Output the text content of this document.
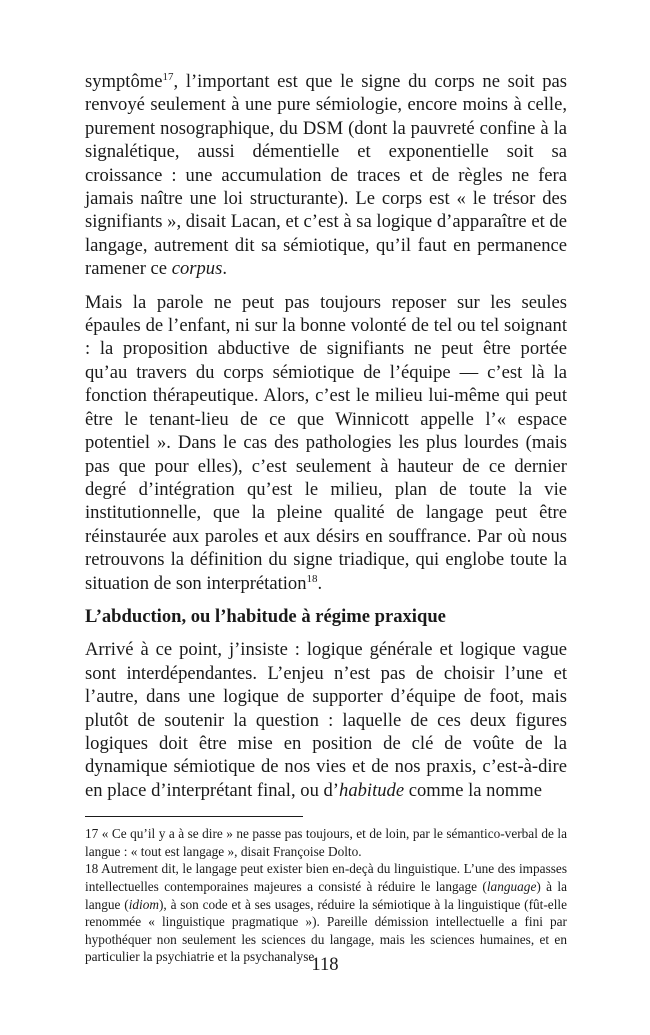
symptôme$^{17}$, l’important est que le signe du corps ne soit pas renvoyé seulement à une pure sémiologie, encore moins à celle, purement nosographique, du DSM (dont la pauvreté confine à la signalétique, aussi démentielle et exponentielle soit sa croissance : une accumulation de traces et de règles ne fera jamais naître une loi structurante). Le corps est « le trésor des signifiants », disait Lacan, et c’est à sa logique d’apparaître et de langage, autrement dit sa sémiotique, qu’il faut en permanence ramener ce corpus.

Mais la parole ne peut pas toujours reposer sur les seules épaules de l’enfant, ni sur la bonne volonté de tel ou tel soignant : la proposition abductive de signifiants ne peut être portée qu’au travers du corps sémiotique de l’équipe — c’est là la fonction thérapeutique. Alors, c’est le milieu lui-même qui peut être le tenant-lieu de ce que Winnicott appelle l’« espace potentiel ». Dans le cas des pathologies les plus lourdes (mais pas que pour elles), c’est seulement à hauteur de ce dernier degré d’intégration qu’est le milieu, plan de toute la vie institutionnelle, que la pleine qualité de langage peut être réinstaurée aux paroles et aux désirs en souffrance. Par où nous retrouvons la définition du signe triadique, qui englobe toute la situation de son interprétation$^{18}$.

L’abduction, ou l’habitude à régime praxique

Arrivé à ce point, j’insiste : logique générale et logique vague sont interdépendantes. L’enjeu n’est pas de choisir l’une et l’autre, dans une logique de supporter d’équipe de foot, mais plutôt de soutenir la question : laquelle de ces deux figures logiques doit être mise en position de clé de voûte de la dynamique sémiotique de nos vies et de nos praxis, c’est-à-dire en place d’interprétant final, ou d’habitude comme la nomme

17 « Ce qu’il y a à se dire » ne passe pas toujours, et de loin, par le sémantico-verbal de la langue : « tout est langage », disait Françoise Dolto.

18 Autrement dit, le langage peut exister bien en-deçà du linguistique. L’une des impasses intellectuelles contemporaines majeures a consisté à réduire le langage (language) à la langue (idiom), à son code et à ses usages, réduire la sémiotique à la linguistique (fût-elle renommée « linguistique pragmatique »). Pareille démission intellectuelle a fini par hypothéquer non seulement les sciences du langage, mais les sciences humaines, et en particulier la psychiatrie et la psychanalyse.

118
